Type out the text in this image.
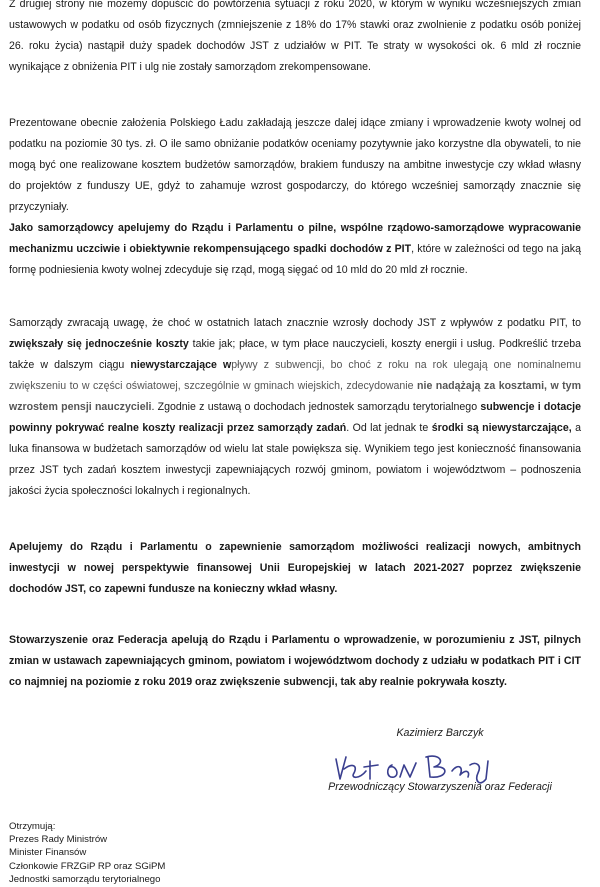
Z drugiej strony nie możemy dopuścić do powtórzenia sytuacji z roku 2020, w którym w wyniku wcześniejszych zmian ustawowych w podatku od osób fizycznych (zmniejszenie z 18% do 17% stawki oraz zwolnienie z podatku osób poniżej 26. roku życia) nastąpił duży spadek dochodów JST z udziałów w PIT. Te straty w wysokości ok. 6 mld zł rocznie wynikające z obniżenia PIT i ulg nie zostały samorządom zrekompensowane.

Prezentowane obecnie założenia Polskiego Ładu zakładają jeszcze dalej idące zmiany i wprowadzenie kwoty wolnej od podatku na poziomie 30 tys. zł. O ile samo obniżanie podatków oceniamy pozytywnie jako korzystne dla obywateli, to nie mogą być one realizowane kosztem budżetów samorządów, brakiem funduszy na ambitne inwestycje czy wkład własny do projektów z funduszy UE, gdyż to zahamuje wzrost gospodarczy, do którego wcześniej samorządy znacznie się przyczyniały.

Jako samorządowcy apelujemy do Rządu i Parlamentu o pilne, wspólne rządowo-samorządowe wypracowanie mechanizmu uczciwie i obiektywnie rekompensującego spadki dochodów z PIT, które w zależności od tego na jaką formę podniesienia kwoty wolnej zdecyduje się rząd, mogą sięgać od 10 mld do 20 mld zł rocznie.

Samorządy zwracają uwagę, że choć w ostatnich latach znacznie wzrosły dochody JST z wpływów z podatku PIT, to zwiększały się jednocześnie koszty takie jak; płace, w tym płace nauczycieli, koszty energii i usług. Podkreślić trzeba także w dalszym ciągu niewystarczające wpływy z subwencji, bo choć z roku na rok ulegają one nominalnemu zwiększeniu to w części oświatowej, szczególnie w gminach wiejskich, zdecydowanie nie nadążają za kosztami, w tym wzrostem pensji nauczycieli. Zgodnie z ustawą o dochodach jednostek samorządu terytorialnego subwencje i dotacje powinny pokrywać realne koszty realizacji przez samorządy zadań. Od lat jednak te środki są niewystarczające, a luka finansowa w budżetach samorządów od wielu lat stale powiększa się. Wynikiem tego jest konieczność finansowania przez JST tych zadań kosztem inwestycji zapewniających rozwój gminom, powiatom i województwom – podnoszenia jakości życia społeczności lokalnych i regionalnych.

Apelujemy do Rządu i Parlamentu o zapewnienie samorządom możliwości realizacji nowych, ambitnych inwestycji w nowej perspektywie finansowej Unii Europejskiej w latach 2021-2027 poprzez zwiększenie dochodów JST, co zapewni fundusze na konieczny wkład własny.

Stowarzyszenie oraz Federacja apelują do Rządu i Parlamentu o wprowadzenie, w porozumieniu z JST, pilnych zmian w ustawach zapewniających gminom, powiatom i województwom dochody z udziału w podatkach PIT i CIT co najmniej na poziomie z roku 2019 oraz zwiększenie subwencji, tak aby realnie pokrywała koszty.

Kazimierz Barczyk
Przewodniczący Stowarzyszenia oraz Federacji
Otrzymują:
Prezes Rady Ministrów
Minister Finansów
Członkowie FRZGiP RP oraz SGiPM
Jednostki samorządu terytorialnego
